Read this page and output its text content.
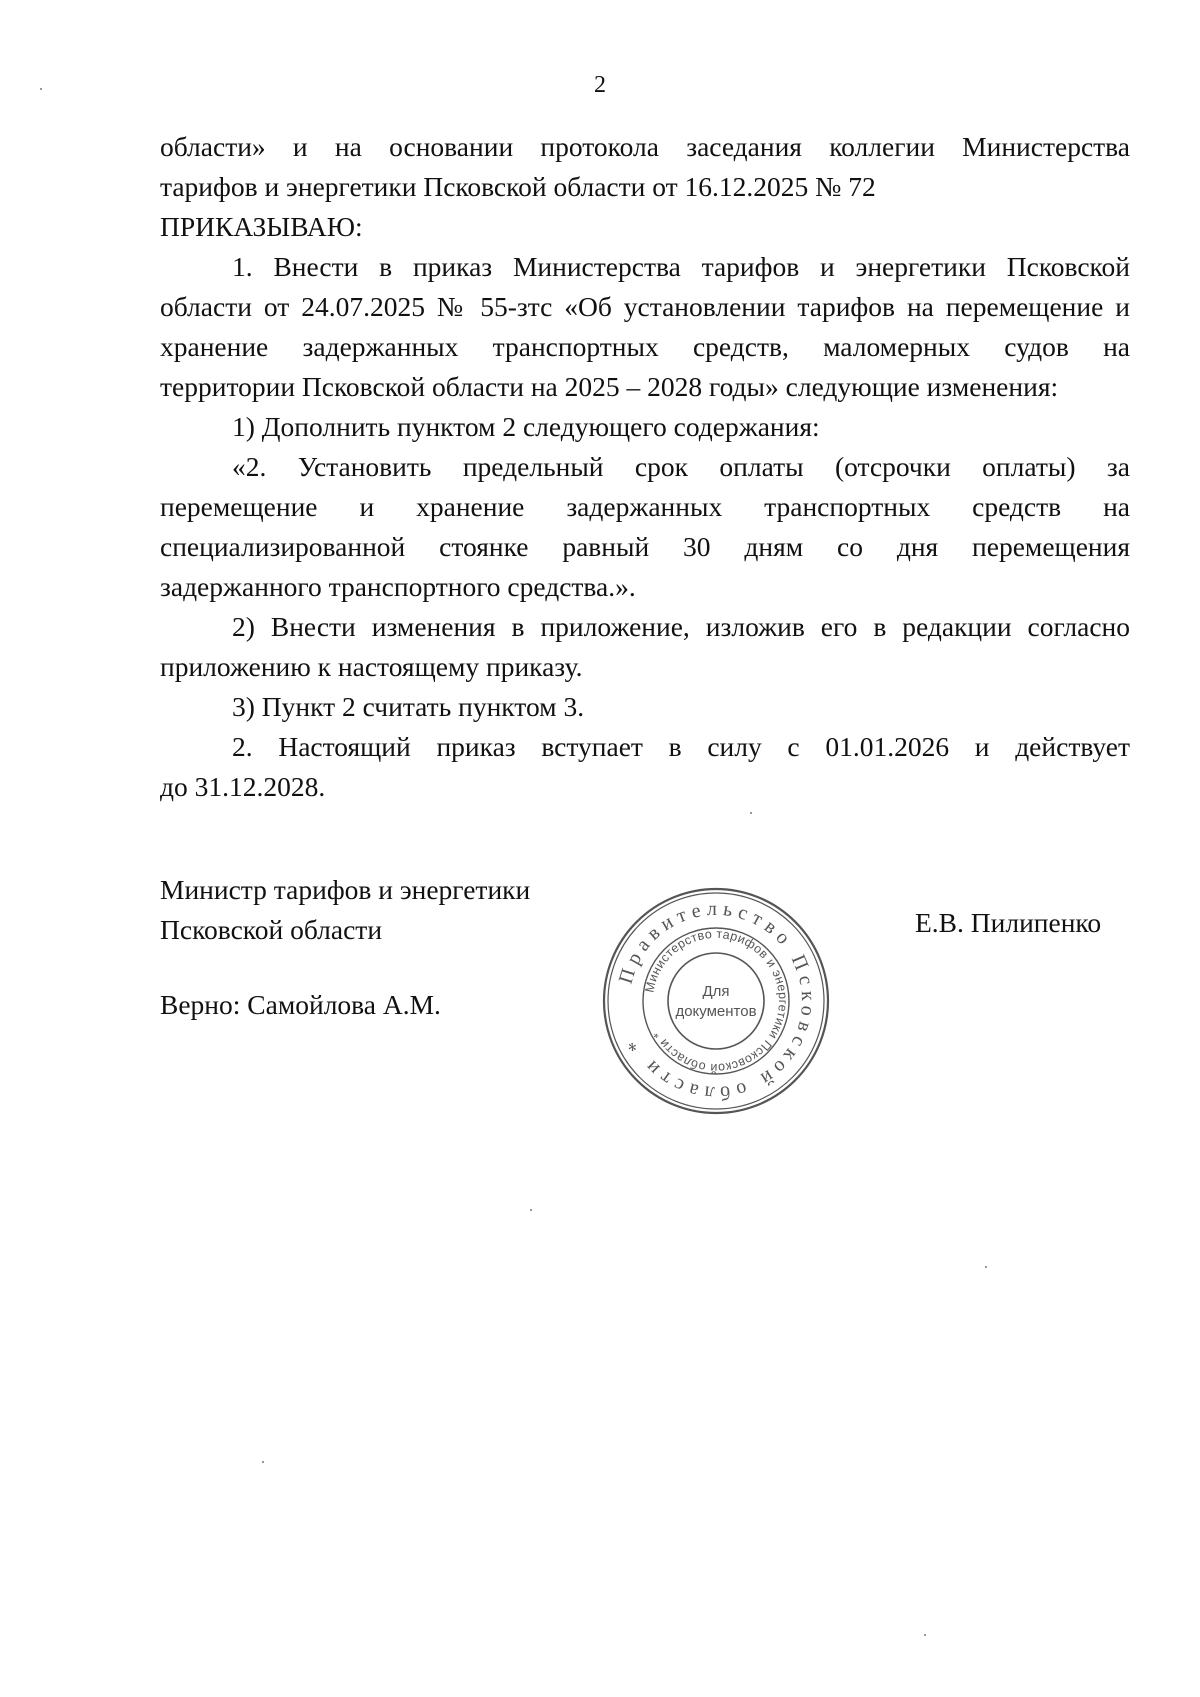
2

области» и на основании протокола заседания коллегии Министерства

тарифов и энергетики Псковской области от 16.12.2025 № 72

ПРИКАЗЫВАЮ:

1. Внести в приказ Министерства тарифов и энергетики Псковской

области от 24.07.2025 № 55-зтс «Об установлении тарифов на перемещение и

хранение задержанных транспортных средств, маломерных судов на

территории Псковской области на 2025 – 2028 годы» следующие изменения:

1) Дополнить пунктом 2 следующего содержания:

«2. Установить предельный срок оплаты (отсрочки оплаты) за

перемещение и хранение задержанных транспортных средств на

специализированной стоянке равный 30 дням со дня перемещения

задержанного транспортного средства.».

2) Внести изменения в приложение, изложив его в редакции согласно

приложению к настоящему приказу.

3) Пункт 2 считать пунктом 3.

2. Настоящий приказ вступает в силу с 01.01.2026 и действует

до 31.12.2028.

Министр тарифов и энергетики
Псковской области	Е.В. Пилипенко
Верно: Самойлова А.М.
Правительство Псковской области *
Министерство тарифов и энергетики Псковской области *
Для
документов
